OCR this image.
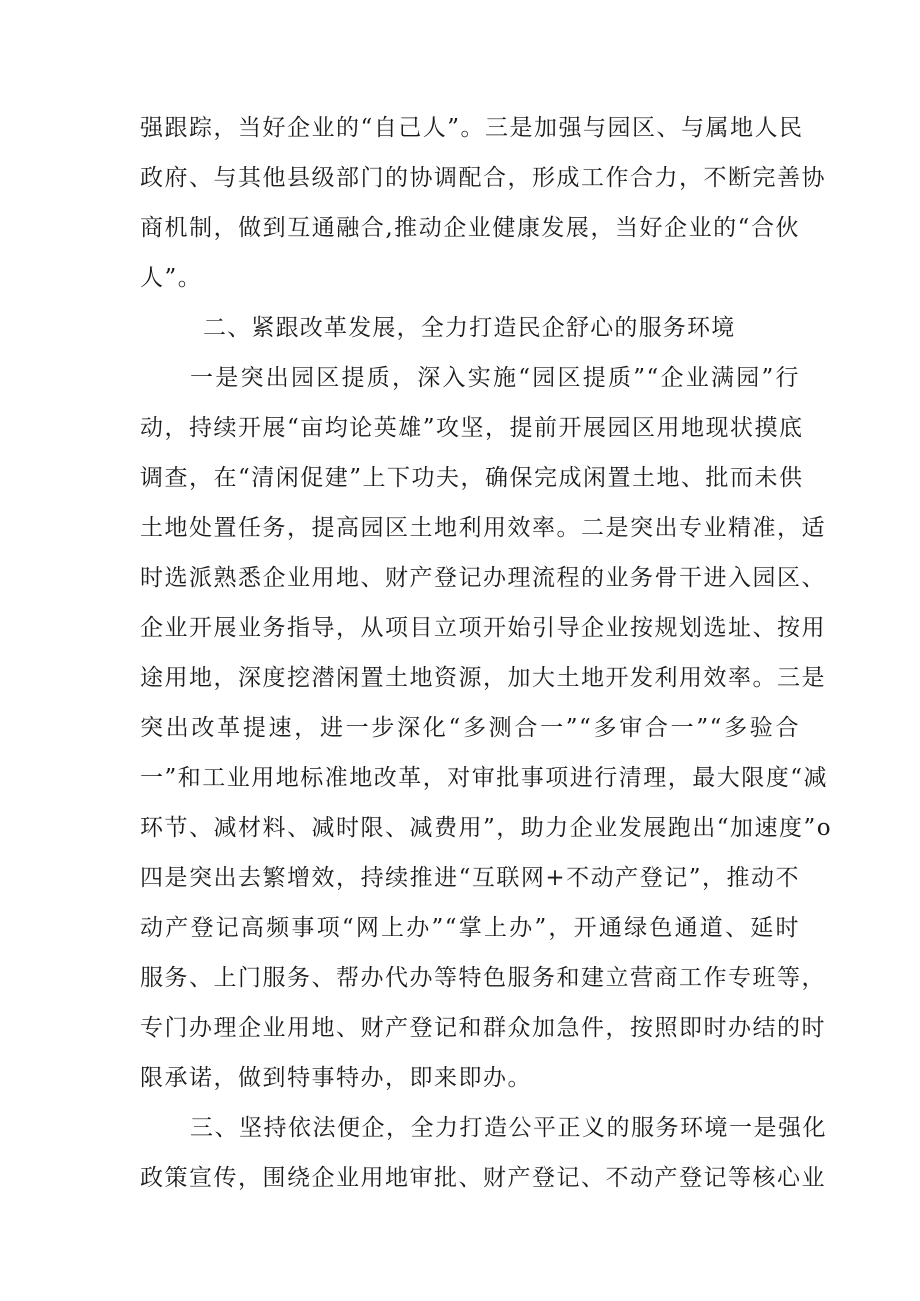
强跟踪，当好企业的“自己人”。三是加强与园区、与属地人民
政府、与其他县级部门的协调配合，形成工作合力，不断完善协
商机制，做到互通融合,推动企业健康发展，当好企业的“合伙
人”。
二、紧跟改革发展，全力打造民企舒心的服务环境
一是突出园区提质，深入实施“园区提质”“企业满园”行
动，持续开展“亩均论英雄”攻坚，提前开展园区用地现状摸底
调查，在“清闲促建”上下功夫，确保完成闲置土地、批而未供
土地处置任务，提高园区土地利用效率。二是突出专业精准，适
时选派熟悉企业用地、财产登记办理流程的业务骨干进入园区、
企业开展业务指导，从项目立项开始引导企业按规划选址、按用
途用地，深度挖潜闲置土地资源，加大土地开发利用效率。三是
突出改革提速，进一步深化“多测合一”“多审合一”“多验合
一”和工业用地标准地改革，对审批事项进行清理，最大限度“减
环节、减材料、减时限、减费用”，助力企业发展跑出“加速度”o
四是突出去繁增效，持续推进“互联网+不动产登记”，推动不
动产登记高频事项“网上办”“掌上办”，开通绿色通道、延时
服务、上门服务、帮办代办等特色服务和建立营商工作专班等，
专门办理企业用地、财产登记和群众加急件，按照即时办结的时
限承诺，做到特事特办，即来即办。
三、坚持依法便企，全力打造公平正义的服务环境一是强化
政策宣传，围绕企业用地审批、财产登记、不动产登记等核心业
